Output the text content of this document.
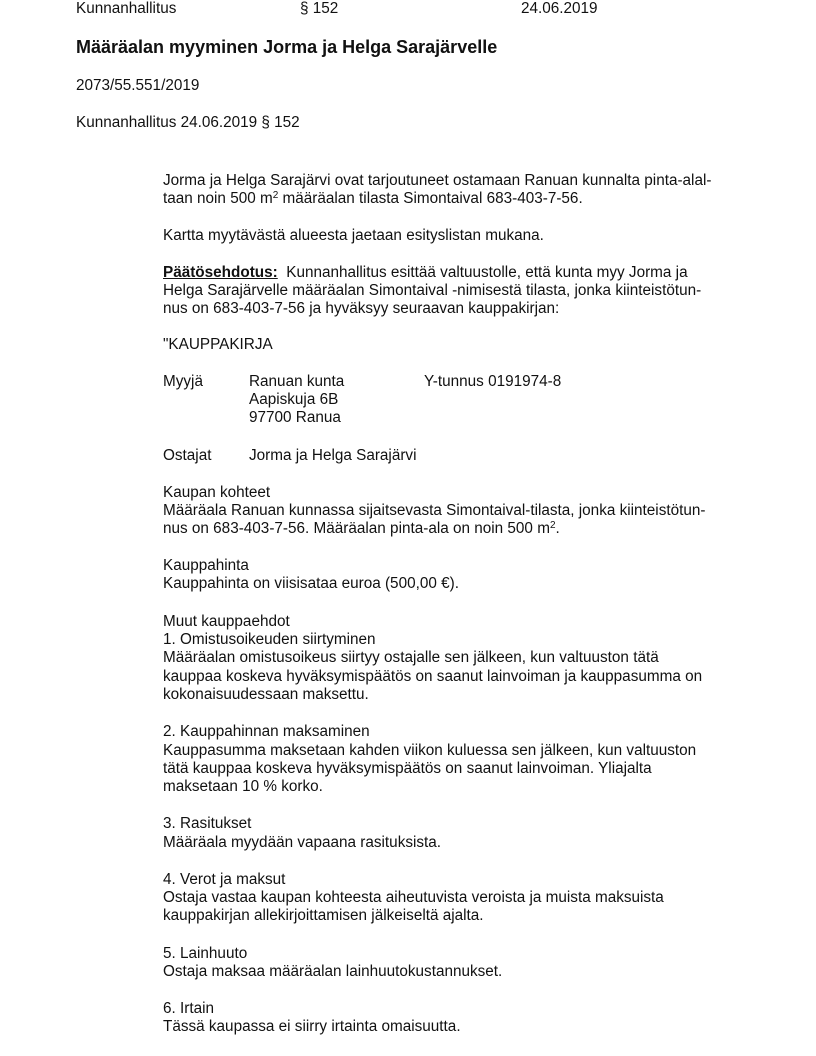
Kunnanhallitus	§ 152	24.06.2019
Määräalan myyminen Jorma ja Helga Sarajärvelle
2073/55.551/2019
Kunnanhallitus 24.06.2019 § 152
Jorma ja Helga Sarajärvi ovat tarjoutuneet ostamaan Ranuan kunnalta pinta-alal-
taan noin 500 $m^2$ määräalan tilasta Simontaival 683-403-7-56.
Kartta myytävästä alueesta jaetaan esityslistan mukana.
Päätösehdotus: Kunnanhallitus esittää valtuustolle, että kunta myy Jorma ja
Helga Sarajärvelle määräalan Simontaival -nimisestä tilasta, jonka kiinteistötun-
nus on 683-403-7-56 ja hyväksyy seuraavan kauppakirjan:
"KAUPPAKIRJA
Myyjä	Ranuan kunta	Y-tunnus 0191974-8
Aapiskuja 6B
97700 Ranua
Ostajat Jorma ja Helga Sarajärvi
Kaupan kohteet
Määräala Ranuan kunnassa sijaitsevasta Simontaival-tilasta, jonka kiinteistötun-
nus on 683-403-7-56. Määräalan pinta-ala on noin 500 $m^2$.
Kauppahinta
Kauppahinta on viisisataa euroa (500,00 €).
Muut kauppaehdot
1. Omistusoikeuden siirtyminen
Määräalan omistusoikeus siirtyy ostajalle sen jälkeen, kun valtuuston tätä
kauppaa koskeva hyväksymispäätös on saanut lainvoiman ja kauppasumma on
kokonaisuudessaan maksettu.
2. Kauppahinnan maksaminen
Kauppasumma maksetaan kahden viikon kuluessa sen jälkeen, kun valtuuston
tätä kauppaa koskeva hyväksymispäätös on saanut lainvoiman. Yliajalta
maksetaan 10 % korko.
3. Rasitukset
Määräala myydään vapaana rasituksista.
4. Verot ja maksut
Ostaja vastaa kaupan kohteesta aiheutuvista veroista ja muista maksuista
kauppakirjan allekirjoittamisen jälkeiseltä ajalta.
5. Lainhuuto
Ostaja maksaa määräalan lainhuutokustannukset.
6. Irtain
Tässä kaupassa ei siirry irtainta omaisuutta.
